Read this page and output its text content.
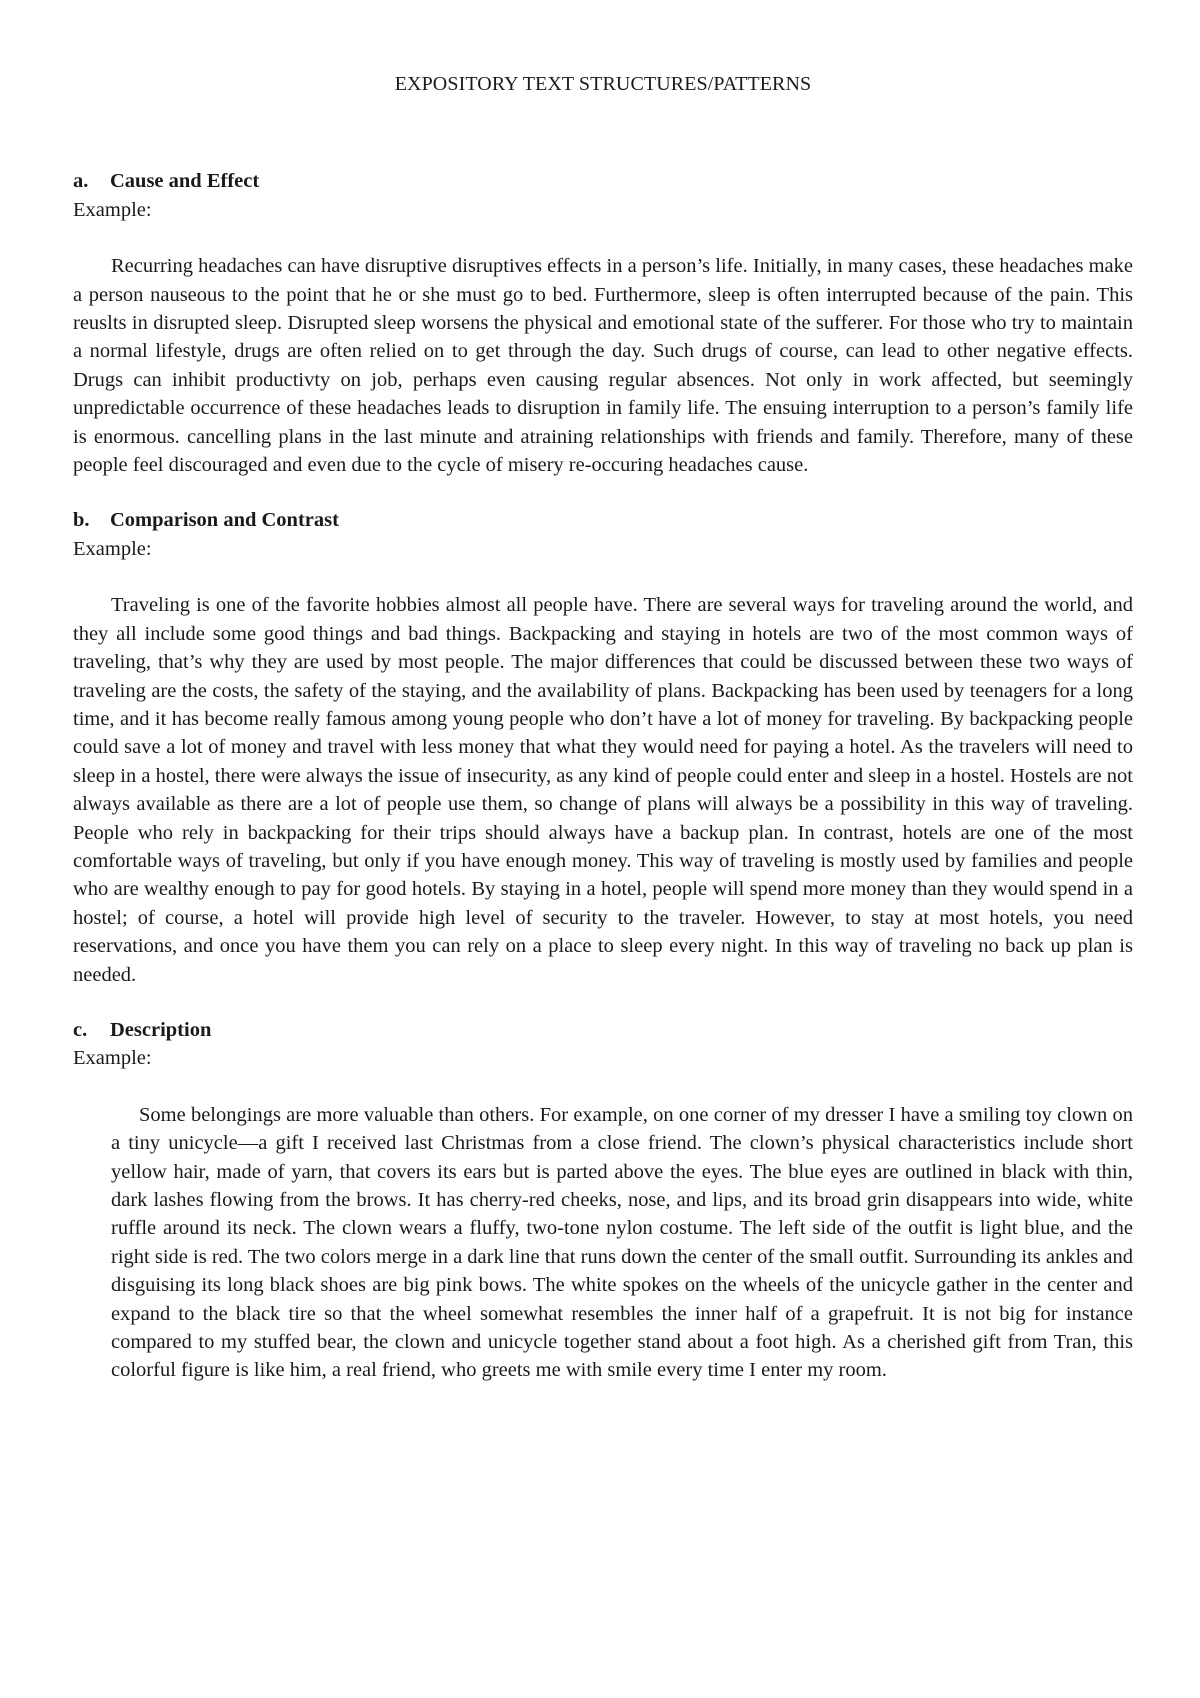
EXPOSITORY TEXT STRUCTURES/PATTERNS
a.	Cause and Effect
Example:

Recurring headaches can have disruptive disruptives effects in a person’s life. Initially, in many cases, these headaches make a person nauseous to the point that he or she must go to bed. Furthermore, sleep is often interrupted because of the pain. This reuslts in disrupted sleep. Disrupted sleep worsens the physical and emotional state of the sufferer. For those who try to maintain a normal lifestyle, drugs are often relied on to get through the day. Such drugs of course, can lead to other negative effects. Drugs can inhibit productivty on job, perhaps even causing regular absences. Not only in work affected, but seemingly unpredictable occurrence of these headaches leads to disruption in family life. The ensuing interruption to a person’s family life is enormous. cancelling plans in the last minute and atraining relationships with friends and family. Therefore, many of these people feel discouraged and even due to the cycle of misery re-occuring headaches cause.

b. Comparison and Contrast
Example:

Traveling is one of the favorite hobbies almost all people have. There are several ways for traveling around the world, and they all include some good things and bad things. Backpacking and staying in hotels are two of the most common ways of traveling, that’s why they are used by most people. The major differences that could be discussed between these two ways of traveling are the costs, the safety of the staying, and the availability of plans. Backpacking has been used by teenagers for a long time, and it has become really famous among young people who don’t have a lot of money for traveling. By backpacking people could save a lot of money and travel with less money that what they would need for paying a hotel. As the travelers will need to sleep in a hostel, there were always the issue of insecurity, as any kind of people could enter and sleep in a hostel. Hostels are not always available as there are a lot of people use them, so change of plans will always be a possibility in this way of traveling. People who rely in backpacking for their trips should always have a backup plan. In contrast, hotels are one of the most comfortable ways of traveling, but only if you have enough money. This way of traveling is mostly used by families and people who are wealthy enough to pay for good hotels. By staying in a hotel, people will spend more money than they would spend in a hostel; of course, a hotel will provide high level of security to the traveler. However, to stay at most hotels, you need reservations, and once you have them you can rely on a place to sleep every night. In this way of traveling no back up plan is needed.

c.	Description
Example:

Some belongings are more valuable than others. For example, on one corner of my dresser I have a smiling toy clown on a tiny unicycle—a gift I received last Christmas from a close friend. The clown’s physical characteristics include short yellow hair, made of yarn, that covers its ears but is parted above the eyes. The blue eyes are outlined in black with thin, dark lashes flowing from the brows. It has cherry-red cheeks, nose, and lips, and its broad grin disappears into wide, white ruffle around its neck. The clown wears a fluffy, two-tone nylon costume. The left side of the outfit is light blue, and the right side is red. The two colors merge in a dark line that runs down the center of the small outfit. Surrounding its ankles and disguising its long black shoes are big pink bows. The white spokes on the wheels of the unicycle gather in the center and expand to the black tire so that the wheel somewhat resembles the inner half of a grapefruit. It is not big for instance compared to my stuffed bear, the clown and unicycle together stand about a foot high. As a cherished gift from Tran, this colorful figure is like him, a real friend, who greets me with smile every time I enter my room.
